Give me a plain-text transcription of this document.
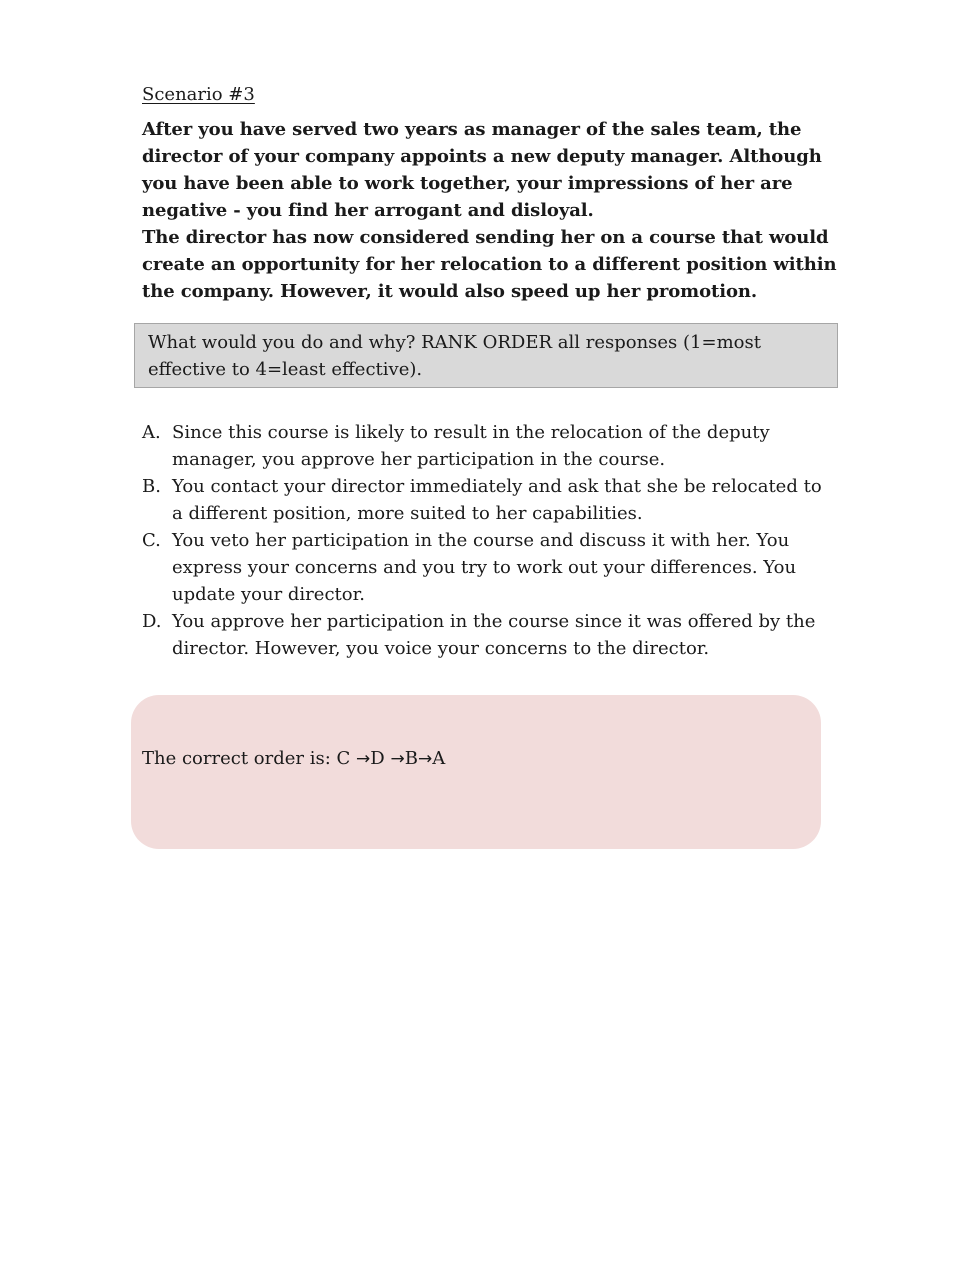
Scenario #3

After you have served two years as manager of the sales team, the director of your company appoints a new deputy manager. Although you have been able to work together, your impressions of her are negative - you find her arrogant and disloyal.

The director has now considered sending her on a course that would create an opportunity for her relocation to a different position within the company. However, it would also speed up her promotion.

What would you do and why? RANK ORDER all responses (1=most effective to 4=least effective).
A. Since this course is likely to result in the relocation of the deputy manager, you approve her participation in the course.
B. You contact your director immediately and ask that she be relocated to a different position, more suited to her capabilities.
C. You veto her participation in the course and discuss it with her. You express your concerns and you try to work out your differences. You update your director.
D. You approve her participation in the course since it was offered by the director. However, you voice your concerns to the director.
The correct order is: C →D →B→A
